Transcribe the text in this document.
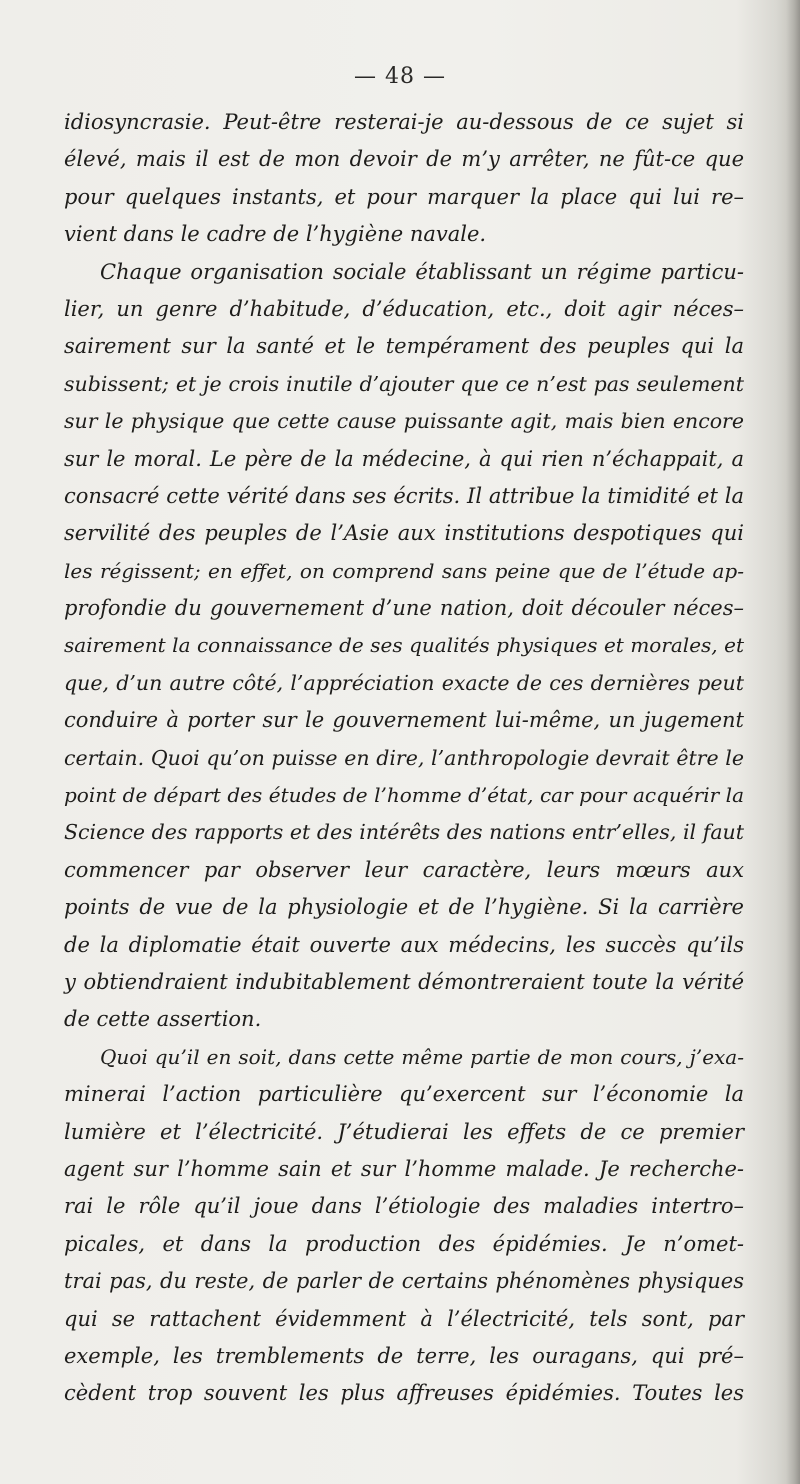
— 48 —
idiosyncrasie. Peut-être resterai-je au-dessous de ce sujet si
élevé, mais il est de mon devoir de m’y arrêter, ne fût-ce que
pour quelques instants, et pour marquer la place qui lui re–
vient dans le cadre de l’hygiène navale.
Chaque organisation sociale établissant un régime particu-
lier, un genre d’habitude, d’éducation, etc., doit agir néces–
sairement sur la santé et le tempérament des peuples qui la
subissent; et je crois inutile d’ajouter que ce n’est pas seulement
sur le physique que cette cause puissante agit, mais bien encore
sur le moral. Le père de la médecine, à qui rien n’échappait, a
consacré cette vérité dans ses écrits. Il attribue la timidité et la
servilité des peuples de l’Asie aux institutions despotiques qui
les régissent; en effet, on comprend sans peine que de l’étude ap-
profondie du gouvernement d’une nation, doit découler néces–
sairement la connaissance de ses qualités physiques et morales, et
que, d’un autre côté, l’appréciation exacte de ces dernières peut
conduire à porter sur le gouvernement lui-même, un jugement
certain. Quoi qu’on puisse en dire, l’anthropologie devrait être le
point de départ des études de l’homme d’état, car pour acquérir la
Science des rapports et des intérêts des nations entr’elles, il faut
commencer par observer leur caractère, leurs mœurs aux
points de vue de la physiologie et de l’hygiène. Si la carrière
de la diplomatie était ouverte aux médecins, les succès qu’ils
y obtiendraient indubitablement démontreraient toute la vérité
de cette assertion.
Quoi qu’il en soit, dans cette même partie de mon cours, j’exa-
minerai l’action particulière qu’exercent sur l’économie la
lumière et l’électricité. J’étudierai les effets de ce premier
agent sur l’homme sain et sur l’homme malade. Je recherche-
rai le rôle qu’il joue dans l’étiologie des maladies intertro–
picales, et dans la production des épidémies. Je n’omet-
trai pas, du reste, de parler de certains phénomènes physiques
qui se rattachent évidemment à l’électricité, tels sont, par
exemple, les tremblements de terre, les ouragans, qui pré–
cèdent trop souvent les plus affreuses épidémies. Toutes les
